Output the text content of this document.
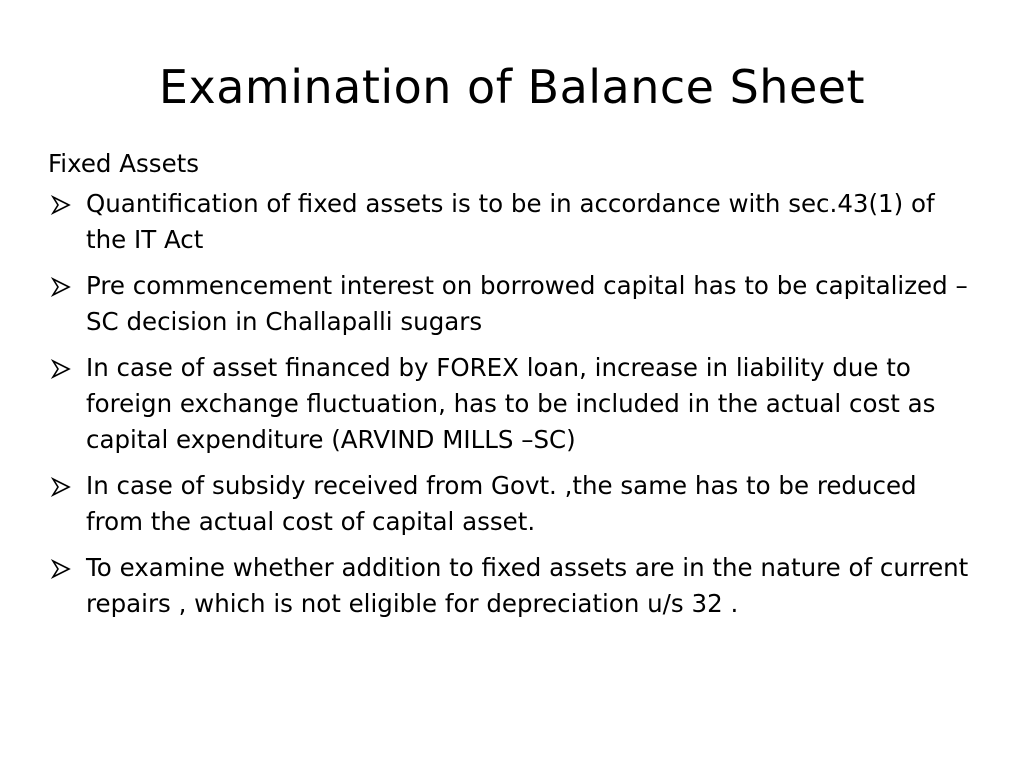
Examination of Balance Sheet
Fixed Assets
Quantification of fixed assets is to be in accordance with sec.43(1) of the IT Act
Pre commencement interest on borrowed capital has to be capitalized – SC decision in Challapalli sugars
In case of asset financed by FOREX loan, increase in liability due to foreign exchange fluctuation, has to be included in the actual cost as capital expenditure (ARVIND MILLS –SC)
In case of subsidy received from Govt. ,the same has to be reduced from the actual cost of capital asset.
To examine whether addition to fixed assets are in the nature of current repairs , which is not eligible for depreciation u/s 32 .
